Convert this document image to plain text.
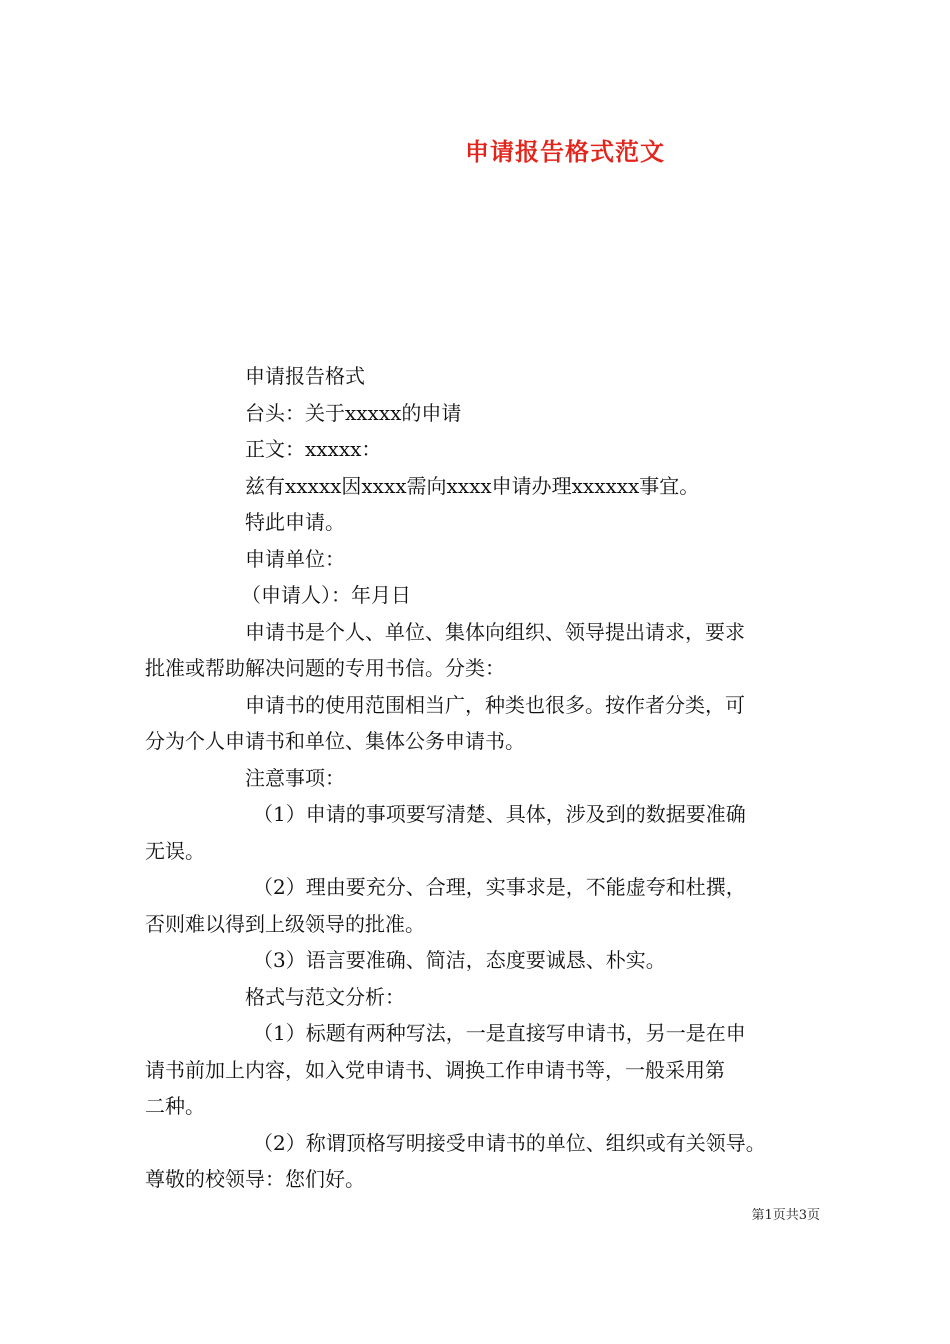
申请报告格式范文

申请报告格式

台头：关于xxxxx的申请

正文：xxxxx：

兹有xxxxx因xxxx需向xxxx申请办理xxxxxx事宜。

特此申请。

申请单位：

（申请人）：年月日

申请书是个人、单位、集体向组织、领导提出请求，要求

批准或帮助解决问题的专用书信。分类：

申请书的使用范围相当广，种类也很多。按作者分类，可

分为个人申请书和单位、集体公务申请书。

注意事项：

（1）申请的事项要写清楚、具体，涉及到的数据要准确

无误。

（2）理由要充分、合理，实事求是，不能虚夸和杜撰，

否则难以得到上级领导的批准。

（3）语言要准确、简洁，态度要诚恳、朴实。

格式与范文分析：

（1）标题有两种写法，一是直接写申请书，另一是在申

请书前加上内容，如入党申请书、调换工作申请书等，一般采用第

二种。

（2）称谓顶格写明接受申请书的单位、组织或有关领导。

尊敬的校领导：您们好。

第1页共3页
